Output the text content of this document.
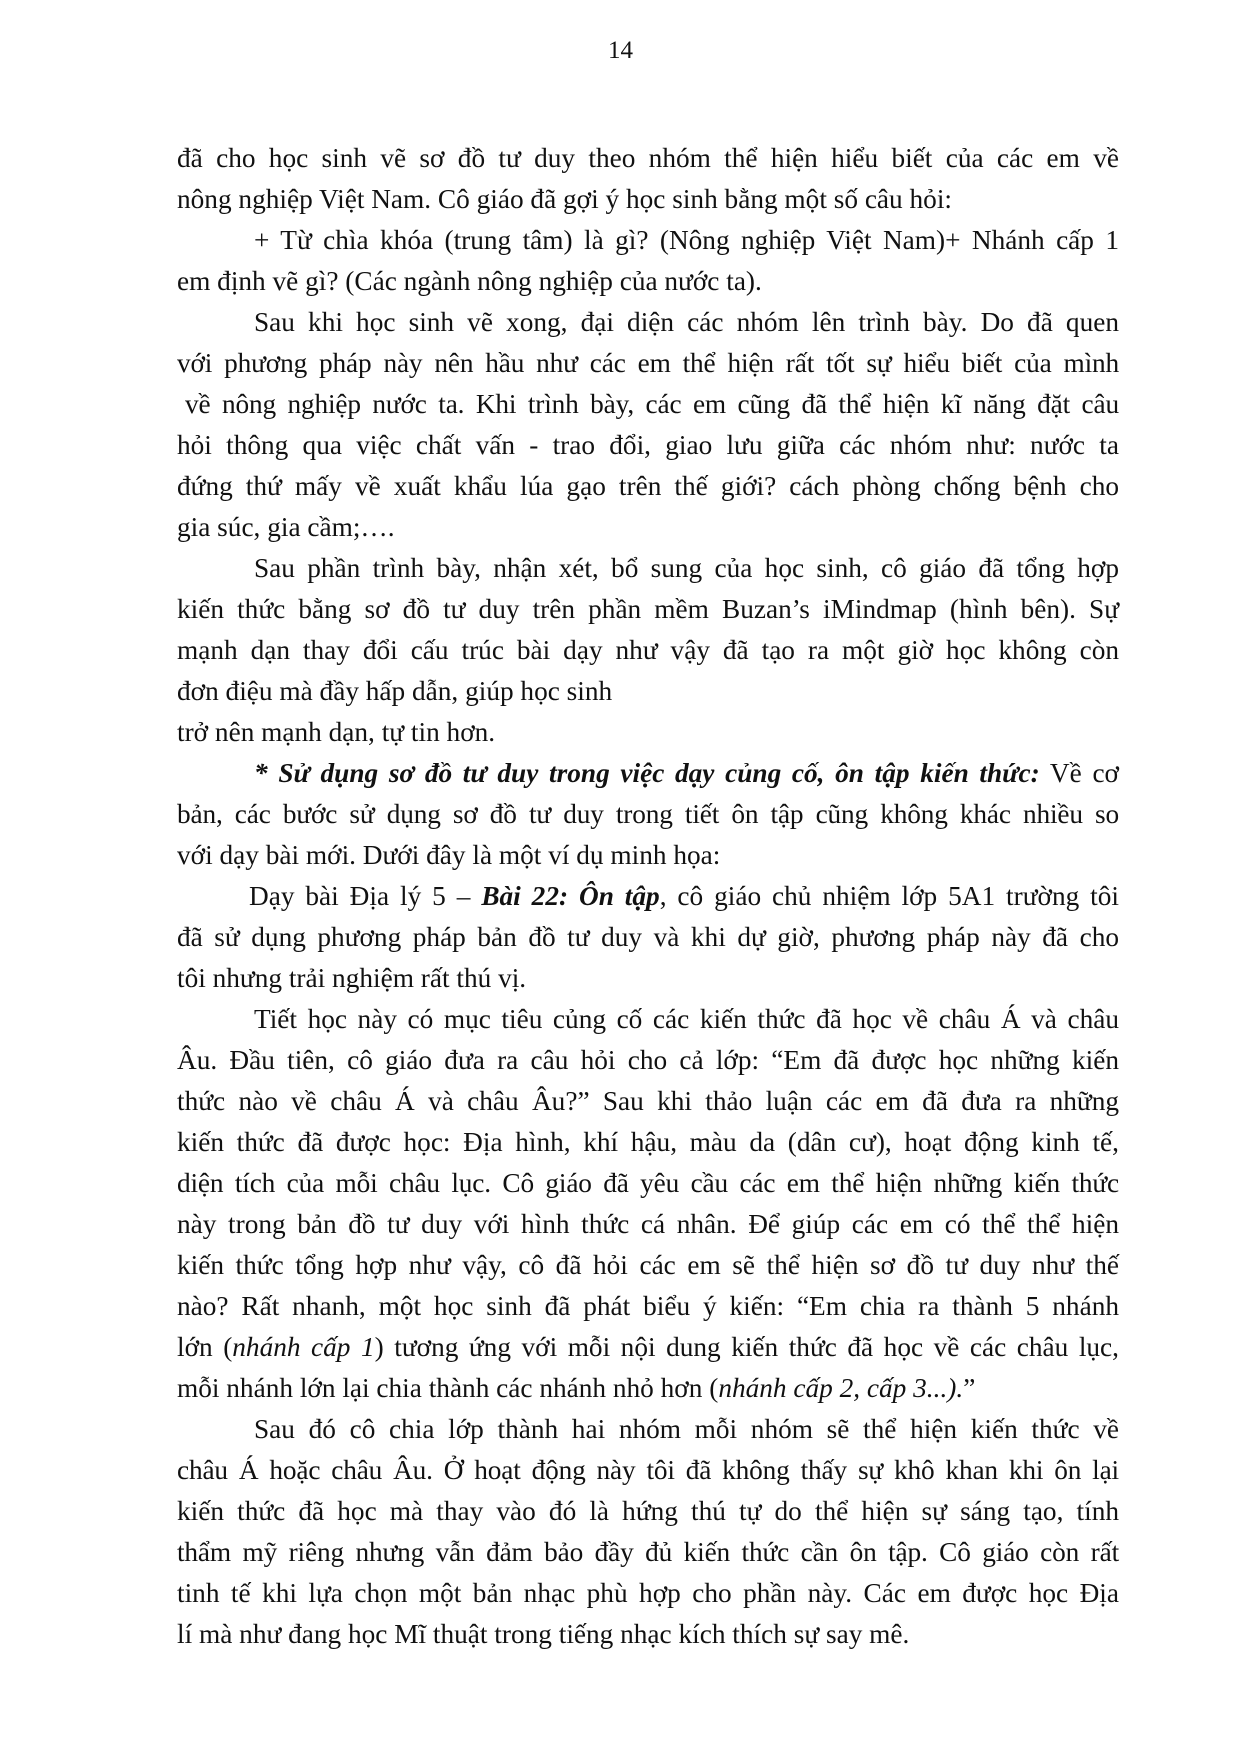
14
đã cho học sinh vẽ sơ đồ tư duy theo nhóm thể hiện hiểu biết của các em về
nông nghiệp Việt Nam. Cô giáo đã gợi ý học sinh bằng một số câu hỏi:
+ Từ chìa khóa (trung tâm) là gì? (Nông nghiệp Việt Nam)+ Nhánh cấp 1
em định vẽ gì? (Các ngành nông nghiệp của nước ta).
Sau khi học sinh vẽ xong, đại diện các nhóm lên trình bày. Do đã quen
với phương pháp này nên hầu như các em thể hiện rất tốt sự hiểu biết của mình
về nông nghiệp nước ta. Khi trình bày, các em cũng đã thể hiện kĩ năng đặt câu
hỏi thông qua việc chất vấn - trao đổi, giao lưu giữa các nhóm như: nước ta
đứng thứ mấy về xuất khẩu lúa gạo trên thế giới? cách phòng chống bệnh cho
gia súc, gia cầm;….
Sau phần trình bày, nhận xét, bổ sung của học sinh, cô giáo đã tổng hợp
kiến thức bằng sơ đồ tư duy trên phần mềm Buzan’s iMindmap (hình bên). Sự
mạnh dạn thay đổi cấu trúc bài dạy như vậy đã tạo ra một giờ học không còn
đơn điệu mà đầy hấp dẫn, giúp học sinh
trở nên mạnh dạn, tự tin hơn.
* Sử dụng sơ đồ tư duy trong việc dạy củng cố, ôn tập kiến thức: Về cơ
bản, các bước sử dụng sơ đồ tư duy trong tiết ôn tập cũng không khác nhiều so
với dạy bài mới. Dưới đây là một ví dụ minh họa:
Dạy bài Địa lý 5 – Bài 22: Ôn tập, cô giáo chủ nhiệm lớp 5A1 trường tôi
đã sử dụng phương pháp bản đồ tư duy và khi dự giờ, phương pháp này đã cho
tôi nhưng trải nghiệm rất thú vị.
Tiết học này có mục tiêu củng cố các kiến thức đã học về châu Á và châu
Âu. Đầu tiên, cô giáo đưa ra câu hỏi cho cả lớp: “Em đã được học những kiến
thức nào về châu Á và châu Âu?” Sau khi thảo luận các em đã đưa ra những
kiến thức đã được học: Địa hình, khí hậu, màu da (dân cư), hoạt động kinh tế,
diện tích của mỗi châu lục. Cô giáo đã yêu cầu các em thể hiện những kiến thức
này trong bản đồ tư duy với hình thức cá nhân. Để giúp các em có thể thể hiện
kiến thức tổng hợp như vậy, cô đã hỏi các em sẽ thể hiện sơ đồ tư duy như thế
nào? Rất nhanh, một học sinh đã phát biểu ý kiến: “Em chia ra thành 5 nhánh
lớn (nhánh cấp 1) tương ứng với mỗi nội dung kiến thức đã học về các châu lục,
mỗi nhánh lớn lại chia thành các nhánh nhỏ hơn (nhánh cấp 2, cấp 3...).”
Sau đó cô chia lớp thành hai nhóm mỗi nhóm sẽ thể hiện kiến thức về
châu Á hoặc châu Âu. Ở hoạt động này tôi đã không thấy sự khô khan khi ôn lại
kiến thức đã học mà thay vào đó là hứng thú tự do thể hiện sự sáng tạo, tính
thẩm mỹ riêng nhưng vẫn đảm bảo đầy đủ kiến thức cần ôn tập. Cô giáo còn rất
tinh tế khi lựa chọn một bản nhạc phù hợp cho phần này. Các em được học Địa
lí mà như đang học Mĩ thuật trong tiếng nhạc kích thích sự say mê.
